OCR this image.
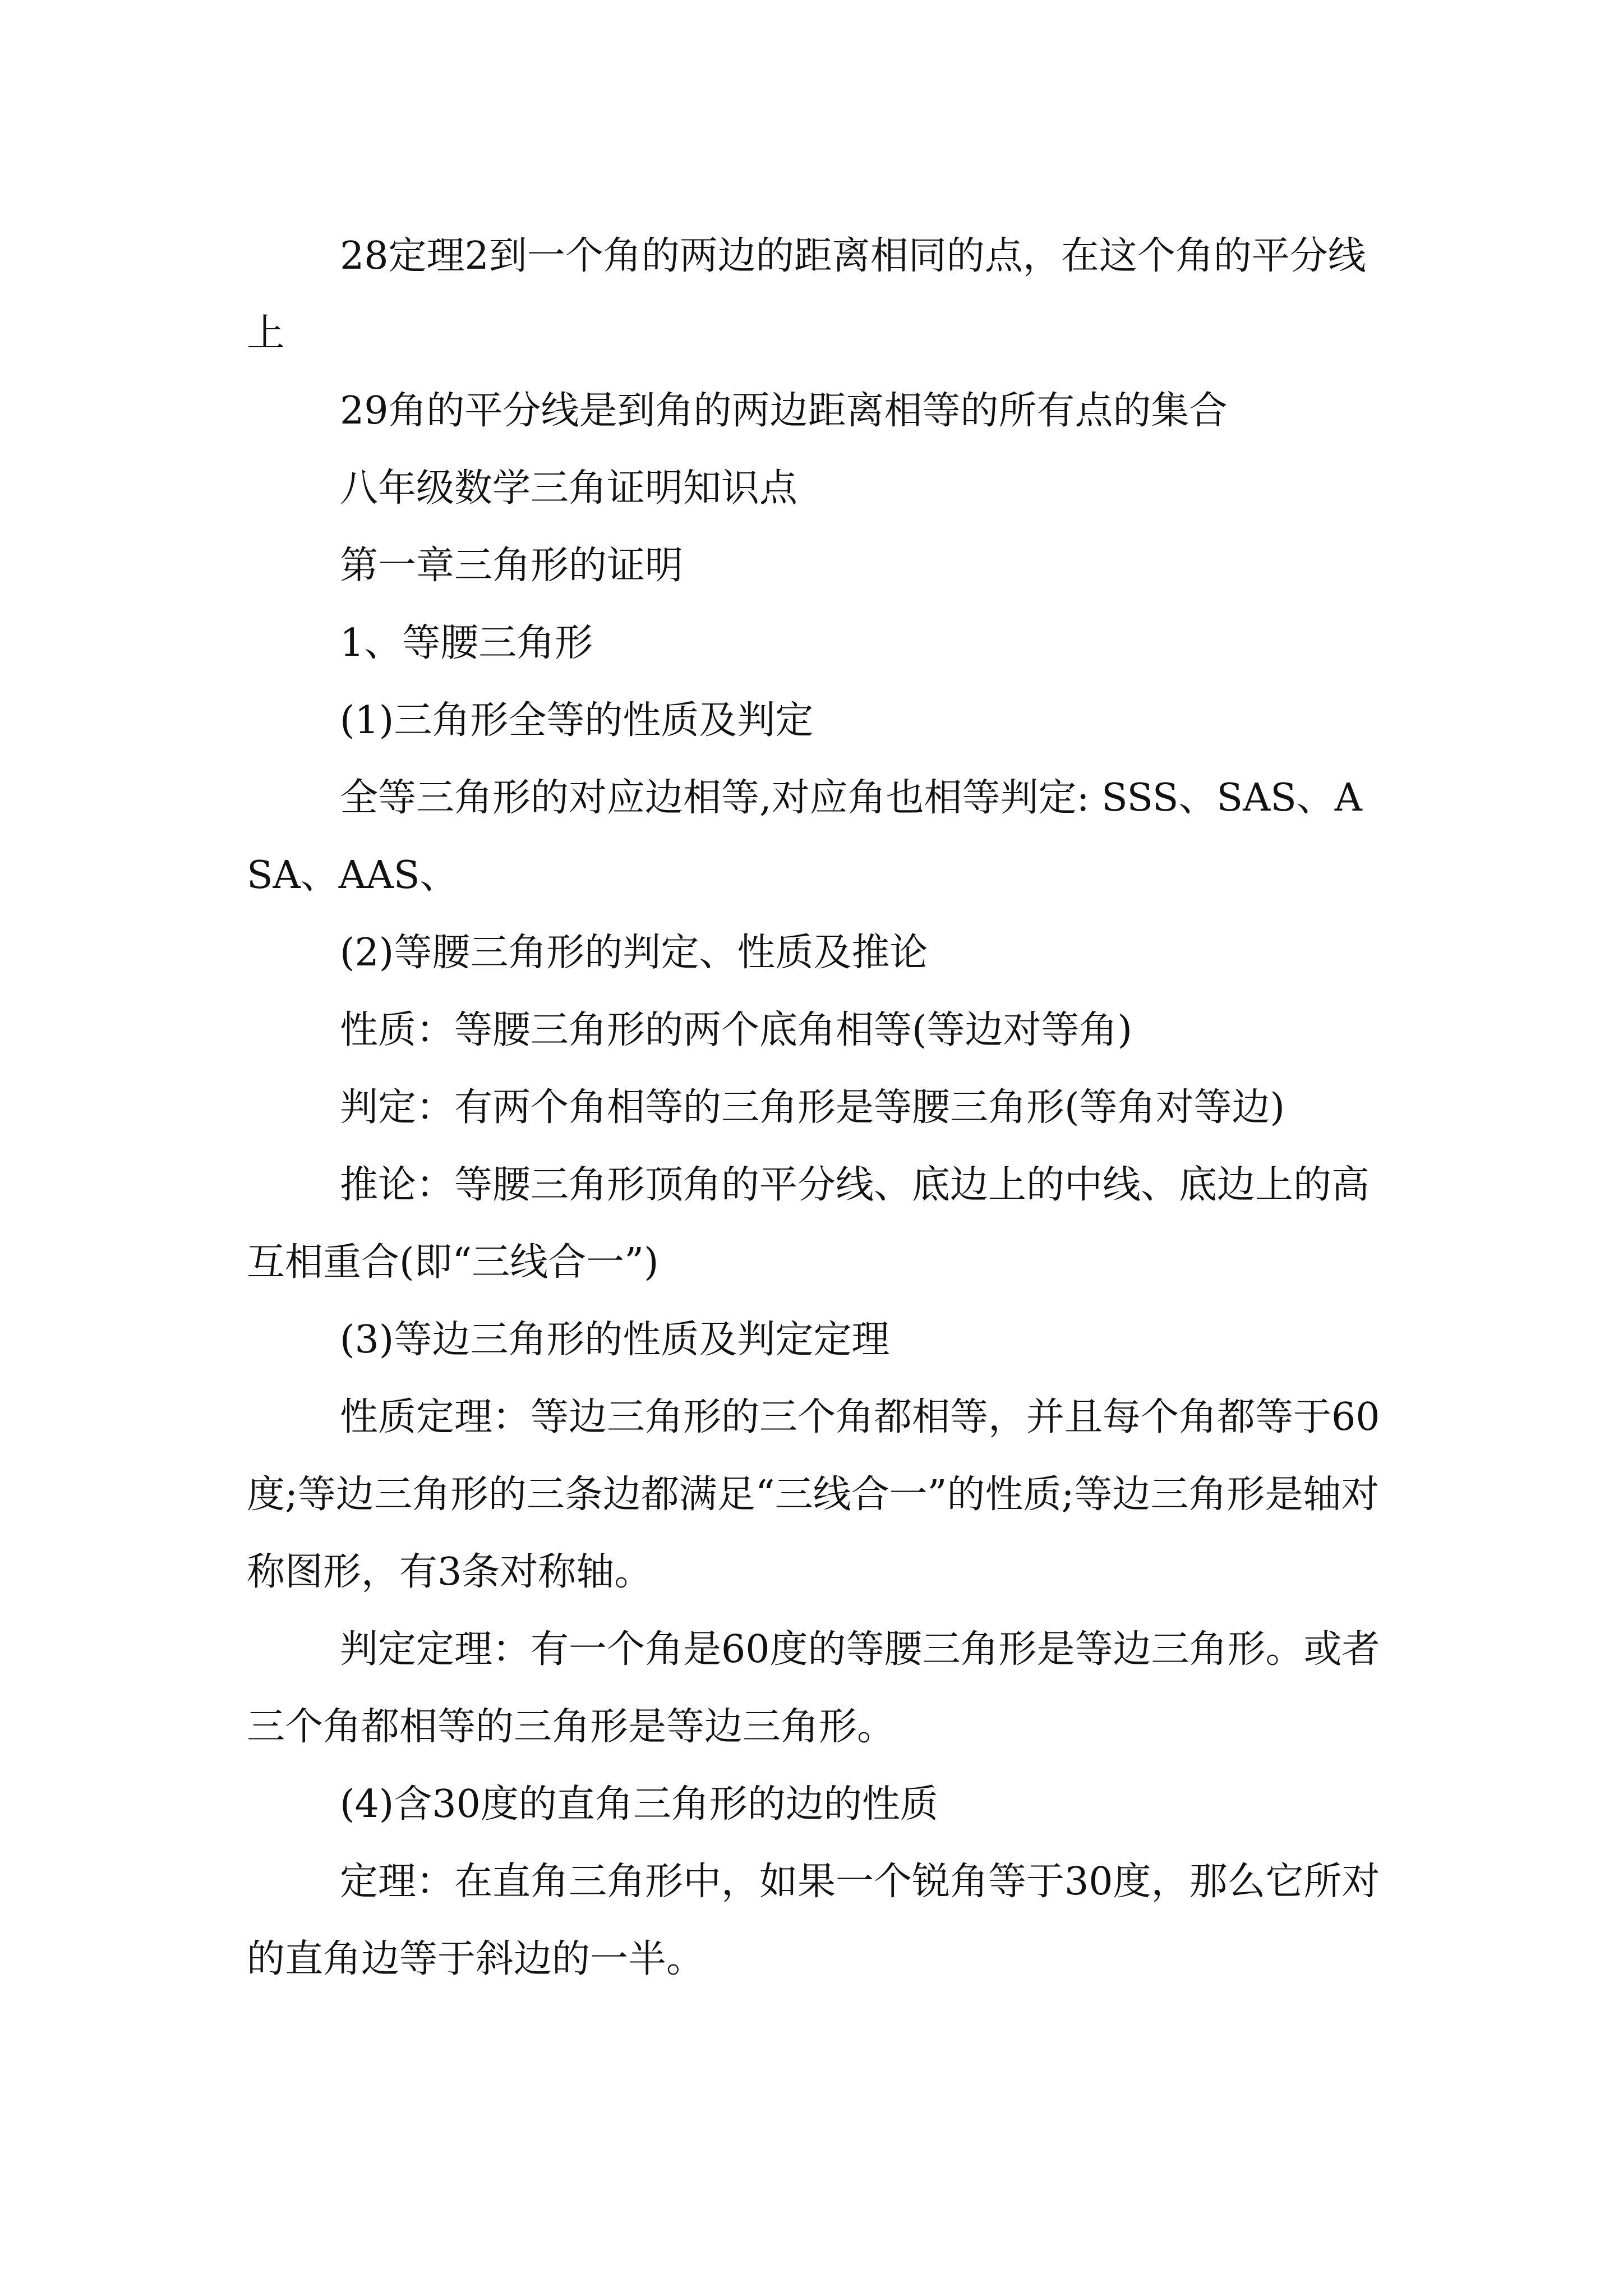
28定理2到一个角的两边的距离相同的点，在这个角的平分线上

29角的平分线是到角的两边距离相等的所有点的集合

八年级数学三角证明知识点

第一章三角形的证明

1、等腰三角形

(1)三角形全等的性质及判定

全等三角形的对应边相等,对应角也相等判定: SSS、SAS、ASA、AAS、

(2)等腰三角形的判定、性质及推论

性质：等腰三角形的两个底角相等(等边对等角)

判定：有两个角相等的三角形是等腰三角形(等角对等边)

推论：等腰三角形顶角的平分线、底边上的中线、底边上的高互相重合(即“三线合一”)

(3)等边三角形的性质及判定定理

性质定理：等边三角形的三个角都相等，并且每个角都等于60度;等边三角形的三条边都满足“三线合一”的性质;等边三角形是轴对称图形，有3条对称轴。

判定定理：有一个角是60度的等腰三角形是等边三角形。或者三个角都相等的三角形是等边三角形。

(4)含30度的直角三角形的边的性质

定理：在直角三角形中，如果一个锐角等于30度，那么它所对的直角边等于斜边的一半。
